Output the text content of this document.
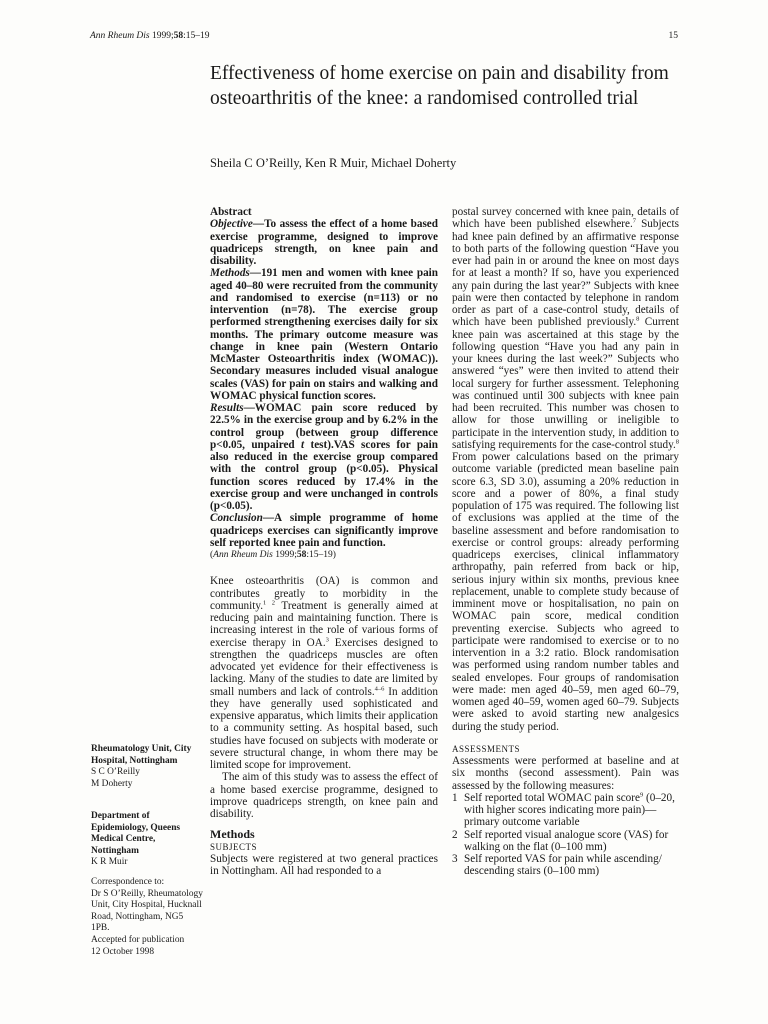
Ann Rheum Dis 1999;58:15–19	15
Effectiveness of home exercise on pain and disability from osteoarthritis of the knee: a randomised controlled trial
Sheila C O’Reilly, Ken R Muir, Michael Doherty
Rheumatology Unit, City Hospital, Nottingham
S C O’Reilly
M Doherty
Department of Epidemiology, Queens Medical Centre, Nottingham
K R Muir
Correspondence to:
Dr S O’Reilly, Rheumatology Unit, City Hospital, Hucknall Road, Nottingham, NG5 1PB.
Accepted for publication
12 October 1998

Abstract

Objective—To assess the effect of a home based exercise programme, designed to improve quadriceps strength, on knee pain and disability.

Methods—191 men and women with knee pain aged 40–80 were recruited from the community and randomised to exercise (n=113) or no intervention (n=78). The exercise group performed strengthening exercises daily for six months. The primary outcome measure was change in knee pain (Western Ontario McMaster Osteoarthritis index (WOMAC)). Secondary measures included visual analogue scales (VAS) for pain on stairs and walking and WOMAC physical function scores.

Results—WOMAC pain score reduced by 22.5% in the exercise group and by 6.2% in the control group (between group difference p<0.05, unpaired t test).VAS scores for pain also reduced in the exercise group compared with the control group (p<0.05). Physical function scores reduced by 17.4% in the exercise group and were unchanged in controls (p<0.05).

Conclusion—A simple programme of home quadriceps exercises can significantly improve self reported knee pain and function.

(Ann Rheum Dis 1999;58:15–19)

Knee osteoarthritis (OA) is common and contributes greatly to morbidity in the community.$^{1 2}$ Treatment is generally aimed at reducing pain and maintaining function. There is increasing interest in the role of various forms of exercise therapy in OA.$^3$ Exercises designed to strengthen the quadriceps muscles are often advocated yet evidence for their effectiveness is lacking. Many of the studies to date are limited by small numbers and lack of controls.$^{4-6}$ In addition they have generally used sophisticated and expensive apparatus, which limits their application to a community setting. As hospital based, such studies have focused on subjects with moderate or severe structural change, in whom there may be limited scope for improvement.

The aim of this study was to assess the effect of a home based exercise programme, designed to improve quadriceps strength, on knee pain and disability.

Methods

SUBJECTS

Subjects were registered at two general practices in Nottingham. All had responded to a

postal survey concerned with knee pain, details of which have been published elsewhere.$^7$ Subjects had knee pain defined by an affirmative response to both parts of the following question “Have you ever had pain in or around the knee on most days for at least a month? If so, have you experienced any pain during the last year?” Subjects with knee pain were then contacted by telephone in random order as part of a case-control study, details of which have been published previously.$^8$ Current knee pain was ascertained at this stage by the following question “Have you had any pain in your knees during the last week?” Subjects who answered “yes” were then invited to attend their local surgery for further assessment. Telephoning was continued until 300 subjects with knee pain had been recruited. This number was chosen to allow for those unwilling or ineligible to participate in the intervention study, in addition to satisfying requirements for the case-control study.$^8$ From power calculations based on the primary outcome variable (predicted mean baseline pain score 6.3, SD 3.0), assuming a 20% reduction in score and a power of 80%, a final study population of 175 was required. The following list of exclusions was applied at the time of the baseline assessment and before randomisation to exercise or control groups: already performing quadriceps exercises, clinical inflammatory arthropathy, pain referred from back or hip, serious injury within six months, previous knee replacement, unable to complete study because of imminent move or hospitalisation, no pain on WOMAC pain score, medical condition preventing exercise. Subjects who agreed to participate were randomised to exercise or to no intervention in a 3:2 ratio. Block randomisation was performed using random number tables and sealed envelopes. Four groups of randomisation were made: men aged 40–59, men aged 60–79, women aged 40–59, women aged 60–79. Subjects were asked to avoid starting new analgesics during the study period.

ASSESSMENTS

Assessments were performed at baseline and at six months (second assessment). Pain was assessed by the following measures:

1 Self reported total WOMAC pain score$^9$ (0–20, with higher scores indicating more pain)—primary outcome variable
2 Self reported visual analogue score (VAS) for walking on the flat (0–100 mm)
3 Self reported VAS for pain while ascending/ descending stairs (0–100 mm)
